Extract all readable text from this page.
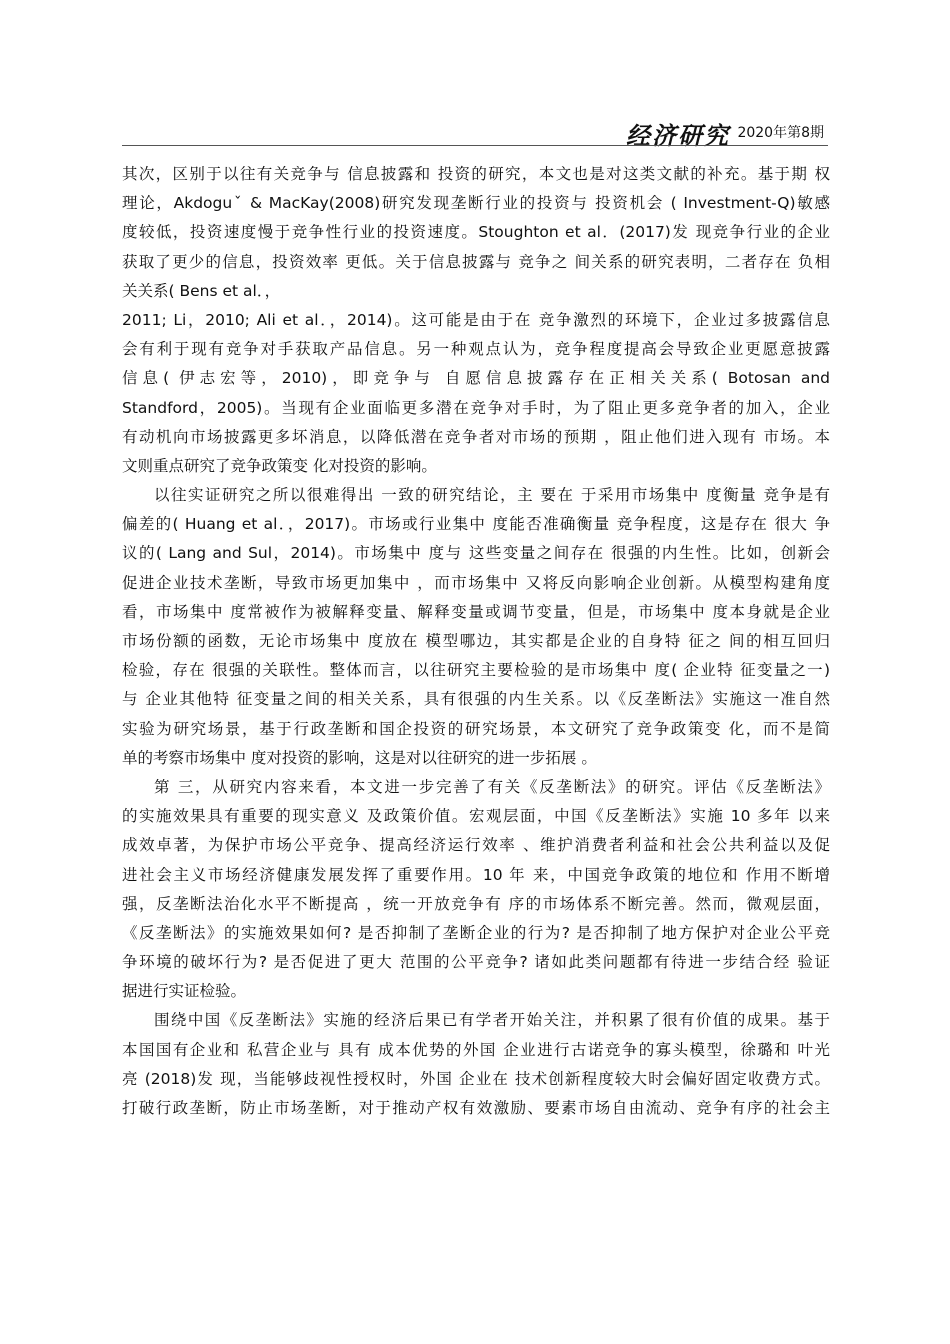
经济研究 2020年第8期
其次，区别于以往有关竞争与 信息披露和 投资的研究，本文也是对这类文献的补充。基于期 权
理论，Akdoguˇ & MacKay(2008)研究发现垄断行业的投资与 投资机会 ( Investment-Q)敏感
度较低，投资速度慢于竞争性行业的投资速度。Stoughton et al．(2017)发 现竞争行业的企业
获取了更少的信息，投资效率 更低。关于信息披露与 竞争之 间关系的研究表明，二者存在 负相
关关系( Bens et al．，
2011; Li，2010; Ali et al．，2014)。这可能是由于在 竞争激烈的环境下，企业过多披露信息
会有利于现有竞争对手获取产品信息。另一种观点认为，竞争程度提高会导致企业更愿意披露
信息( 伊志宏等，2010)，即竞争与 自愿信息披露存在正相关关系( Botosan and
Standford，2005)。当现有企业面临更多潜在竞争对手时，为了阻止更多竞争者的加入，企业
有动机向市场披露更多坏消息，以降低潜在竞争者对市场的预期 ，阻止他们进入现有 市场。本
文则重点研究了竞争政策变 化对投资的影响。
以往实证研究之所以很难得出 一致的研究结论，主 要在 于采用市场集中 度衡量 竞争是有
偏差的( Huang et al．，2017)。市场或行业集中 度能否准确衡量 竞争程度，这是存在 很大 争
议的( Lang and Sul，2014)。市场集中 度与 这些变量之间存在 很强的内生性。比如，创新会
促进企业技术垄断，导致市场更加集中 ，而市场集中 又将反向影响企业创新。从模型构建角度
看，市场集中 度常被作为被解释变量、解释变量或调节变量，但是，市场集中 度本身就是企业
市场份额的函数，无论市场集中 度放在 模型哪边，其实都是企业的自身特 征之 间的相互回归
检验，存在 很强的关联性。整体而言，以往研究主要检验的是市场集中 度( 企业特 征变量之一)
与 企业其他特 征变量之间的相关关系，具有很强的内生关系。以《反垄断法》实施这一准自然
实验为研究场景，基于行政垄断和国企投资的研究场景，本文研究了竞争政策变 化，而不是简
单的考察市场集中 度对投资的影响，这是对以往研究的进一步拓展 。
第 三，从研究内容来看，本文进一步完善了有关《反垄断法》的研究。评估《反垄断法》
的实施效果具有重要的现实意义 及政策价值。宏观层面，中国《反垄断法》实施 10 多年 以来
成效卓著，为保护市场公平竞争、提高经济运行效率 、维护消费者利益和社会公共利益以及促
进社会主义市场经济健康发展发挥了重要作用。10 年 来，中国竞争政策的地位和 作用不断增
强，反垄断法治化水平不断提高 ，统一开放竞争有 序的市场体系不断完善。然而，微观层面，
《反垄断法》的实施效果如何? 是否抑制了垄断企业的行为? 是否抑制了地方保护对企业公平竞
争环境的破坏行为? 是否促进了更大 范围的公平竞争? 诸如此类问题都有待进一步结合经 验证
据进行实证检验。
围绕中国《反垄断法》实施的经济后果已有学者开始关注，并积累了很有价值的成果。基于
本国国有企业和 私营企业与 具有 成本优势的外国 企业进行古诺竞争的寡头模型，徐璐和 叶光
亮 (2018)发 现，当能够歧视性授权时，外国 企业在 技术创新程度较大时会偏好固定收费方式。
打破行政垄断，防止市场垄断，对于推动产权有效激励、要素市场自由流动、竞争有序的社会主
